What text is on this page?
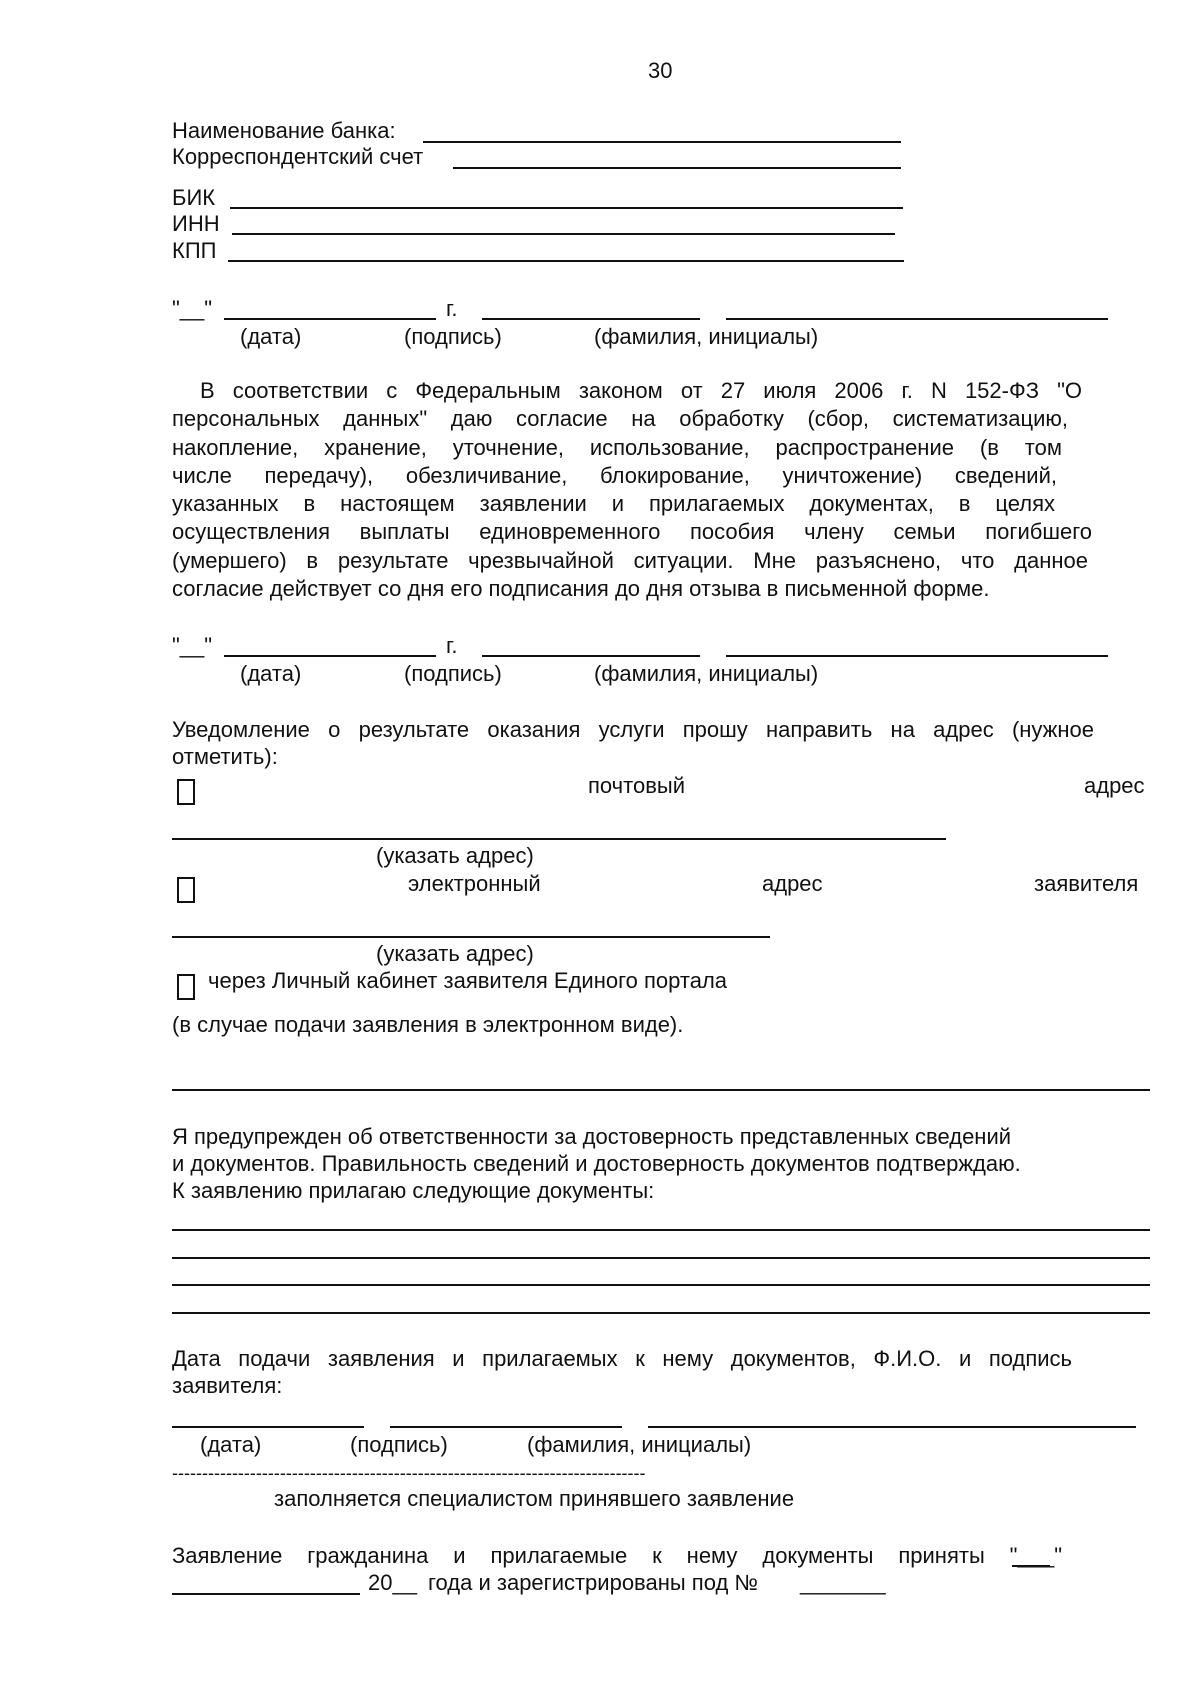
30
Наименование банка:
Корреспондентский счет
БИК
ИНН
КПП
"__"	г.
(дата)	(подпись)	(фамилия, инициалы)
В соответствии с Федеральным законом от 27 июля 2006 г. N 152-ФЗ "О
персональных данных" даю согласие на обработку (сбор, систематизацию,
накопление, хранение, уточнение, использование, распространение (в том
числе передачу), обезличивание, блокирование, уничтожение) сведений,
указанных в настоящем заявлении и прилагаемых документах, в целях
осуществления выплаты единовременного пособия члену семьи погибшего
(умершего) в результате чрезвычайной ситуации. Мне разъяснено, что данное
согласие действует со дня его подписания до дня отзыва в письменной форме.
"__"	г.
(дата)	(подпись)	(фамилия, инициалы)
Уведомление о результате оказания услуги прошу направить на адрес (нужное
отметить):
почтовый	адрес
(указать адрес)
электронный	адрес	заявителя
(указать адрес)
через Личный кабинет заявителя Единого портала
(в случае подачи заявления в электронном виде).
Я предупрежден об ответственности за достоверность представленных сведений
и документов. Правильность сведений и достоверность документов подтверждаю.
К заявлению прилагаю следующие документы:
Дата подачи заявления и прилагаемых к нему документов, Ф.И.О. и подпись
заявителя:
(дата)	(подпись)	(фамилия, инициалы)
-------------------------------------------------------------------------------
заполняется специалистом принявшего заявление
Заявление гражданина и прилагаемые к нему документы приняты "___"
20__ года и зарегистрированы под № _______
